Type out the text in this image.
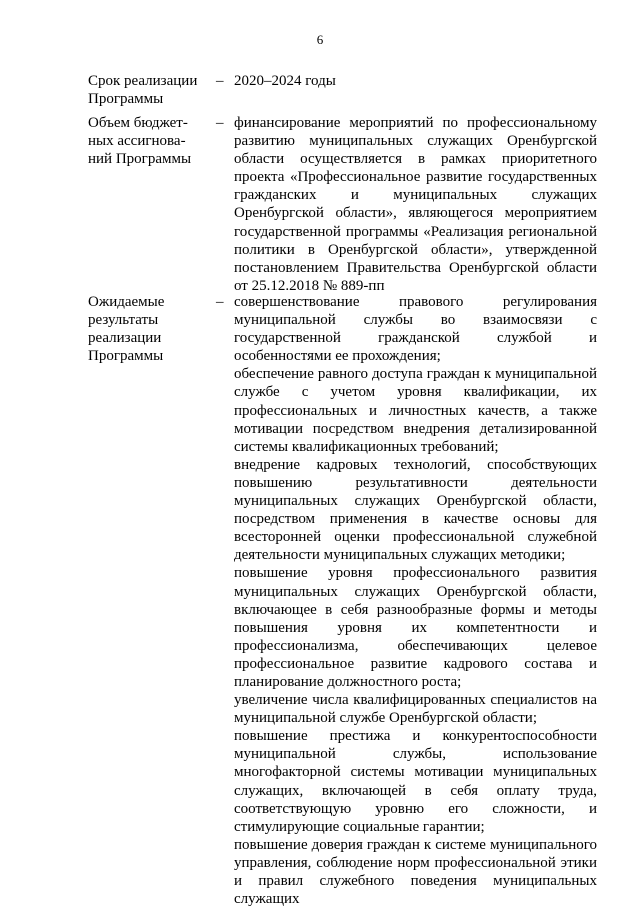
6
Срок реализации
Программы
– 2020–2024 годы
Объем бюджет-
ных ассигнова-
ний Программы
– финансирование мероприятий по профессиональному развитию муниципальных служащих Оренбургской области осуществляется в рамках приоритетного проекта «Профессиональное развитие государственных гражданских и муниципальных служащих Оренбургской области», являющегося мероприятием государственной программы «Реализация региональной политики в Оренбургской области», утвержденной постановлением Правительства Оренбургской области от 25.12.2018 № 889-пп
Ожидаемые
результаты
реализации
Программы
– совершенствование правового регулирования муниципальной службы во взаимосвязи с государственной гражданской службой и особенностями ее прохождения;

обеспечение равного доступа граждан к муниципальной службе с учетом уровня квалификации, их профессиональных и личностных качеств, а также мотивации посредством внедрения детализированной системы квалификационных требований;

внедрение кадровых технологий, способствующих повышению результативности деятельности муниципальных служащих Оренбургской области, посредством применения в качестве основы для всесторонней оценки профессиональной служебной деятельности муниципальных служащих методики;

повышение уровня профессионального развития муниципальных служащих Оренбургской области, включающее в себя разнообразные формы и методы повышения уровня их компетентности и профессионализма, обеспечивающих целевое профессиональное развитие кадрового состава и планирование должностного роста;

увеличение числа квалифицированных специалистов на муниципальной службе Оренбургской области;

повышение престижа и конкурентоспособности муниципальной службы, использование многофакторной системы мотивации муниципальных служащих, включающей в себя оплату труда, соответствующую уровню его сложности, и стимулирующие социальные гарантии;

повышение доверия граждан к системе муниципального управления, соблюдение норм профессиональной этики и правил служебного поведения муниципальных служащих
